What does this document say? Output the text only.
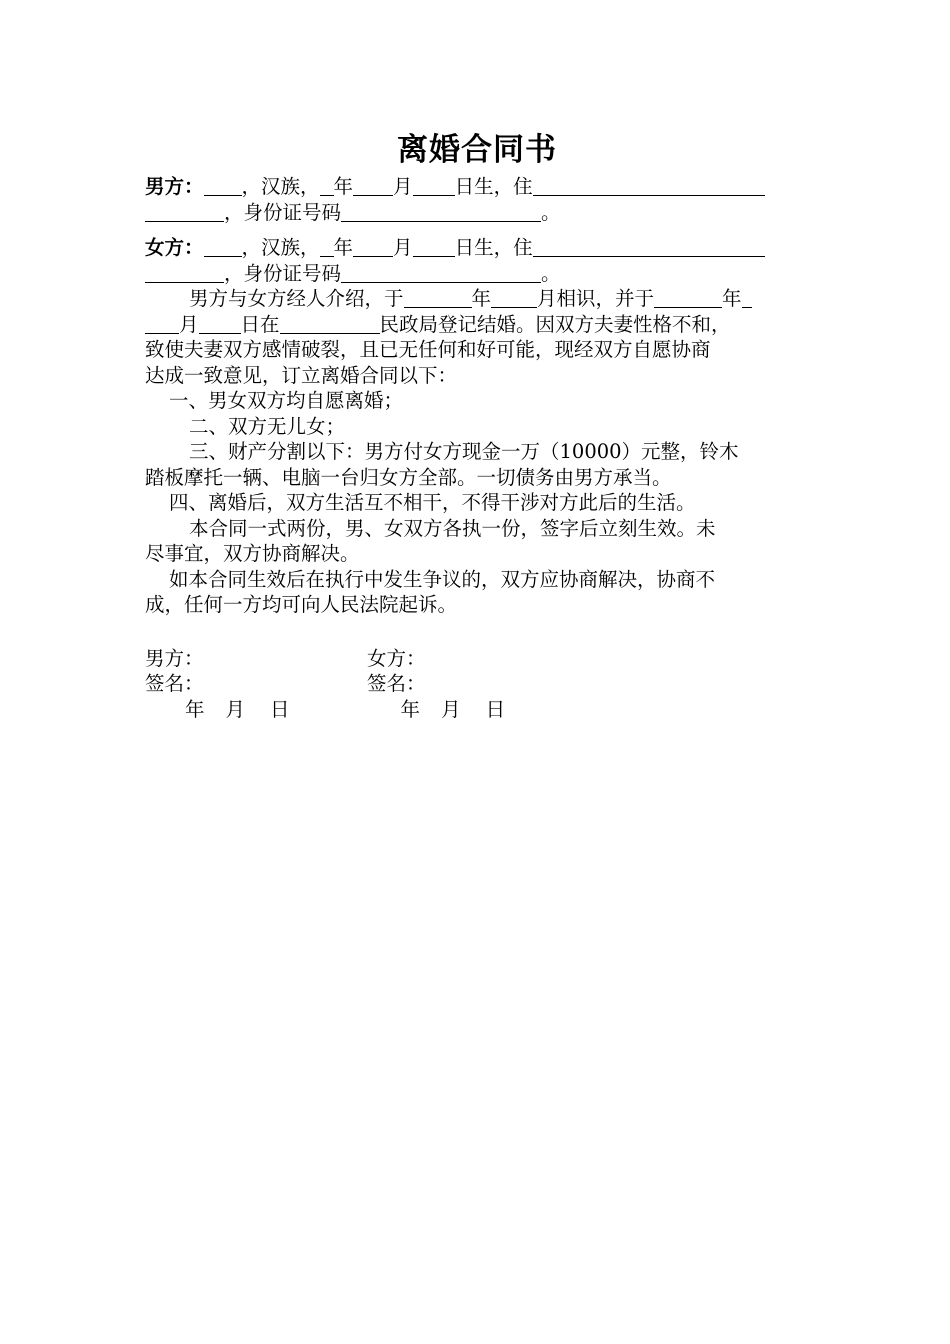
离婚合同书
男方： ，汉族， 年 月 日生，住
，身份证号码	。
女方： ，汉族， 年 月 日生，住
，身份证号码	。
男方与女方经人介绍，于	年 月相识，并于	年
月 日在	民政局登记结婚。因双方夫妻性格不和，
致使夫妻双方感情破裂，且已无任何和好可能，现经双方自愿协商
达成一致意见，订立离婚合同以下：
一、男女双方均自愿离婚；
二、双方无儿女；
三、财产分割以下：男方付女方现金一万（10000）元整，铃木
踏板摩托一辆、电脑一台归女方全部。一切债务由男方承当。
四、离婚后，双方生活互不相干，不得干涉对方此后的生活。
本合同一式两份，男、女双方各执一份，签字后立刻生效。未
尽事宜，双方协商解决。
如本合同生效后在执行中发生争议的，双方应协商解决，协商不
成，任何一方均可向人民法院起诉。
男方：	女方：
签名：	签名：
年 月 日	年 月 日
